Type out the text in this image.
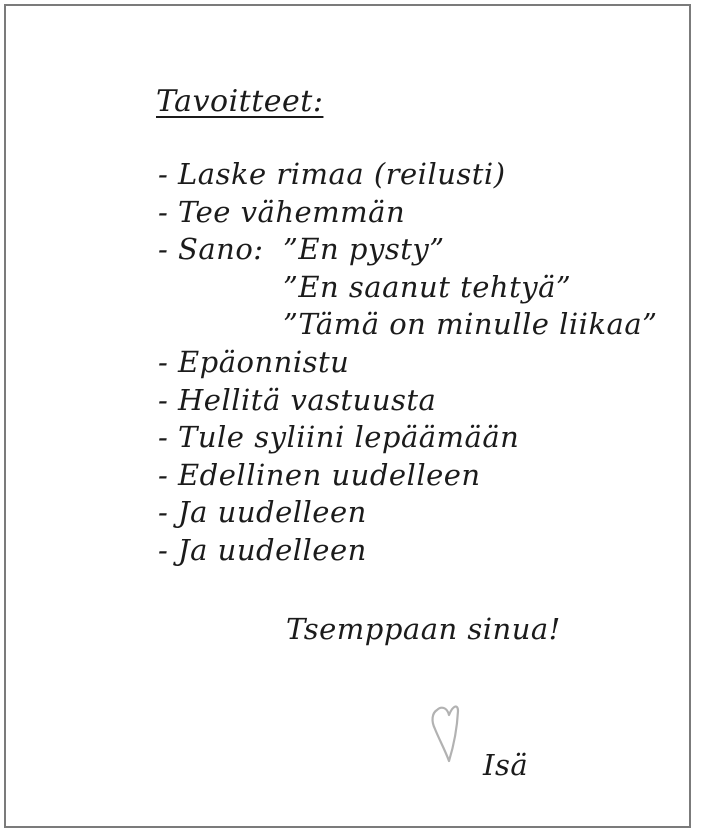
Tavoitteet:
- Laske rimaa (reilusti)
- Tee vähemmän
- Sano: ”En pysty”
”En saanut tehtyä”
”Tämä on minulle liikaa”
- Epäonnistu
- Hellitä vastuusta
- Tule syliini lepäämään
- Edellinen uudelleen
- Ja uudelleen
- Ja uudelleen
Tsemppaan sinua!
Isä
